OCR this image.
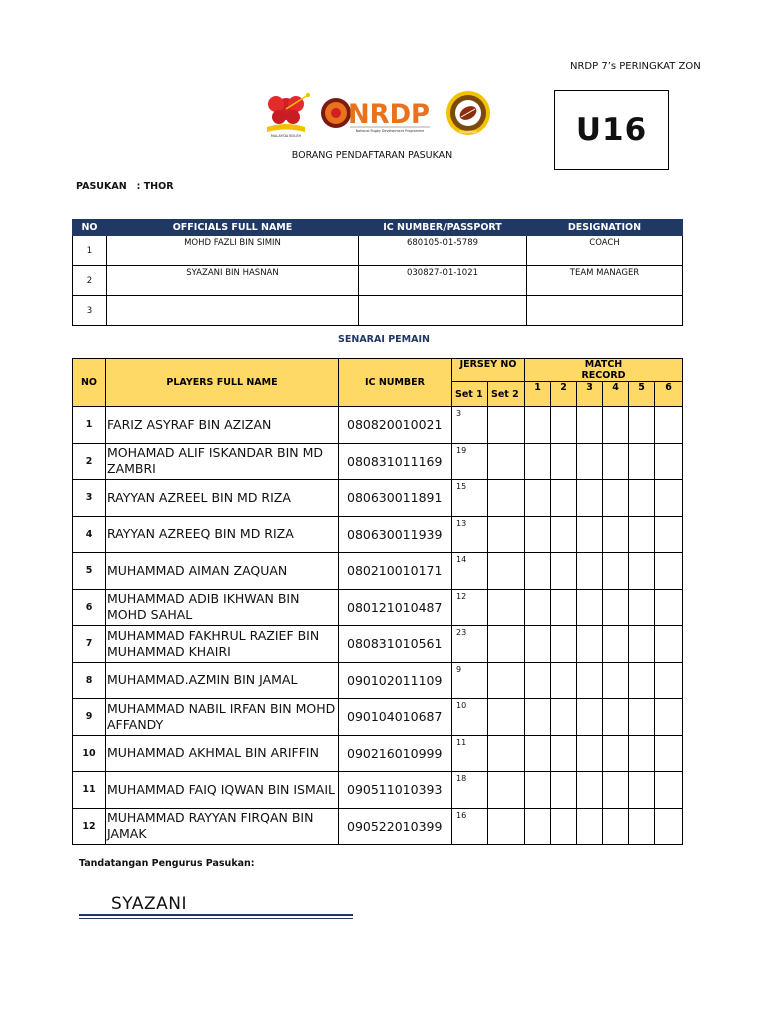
NRDP 7’s PERINGKAT ZON
MALAYSIA BOLEH
NRDP
National Rugby Development Programme	MALAYSIA	U16
BORANG PENDAFTARAN PASUKAN
PASUKAN   : THOR
NO	OFFICIALS FULL NAME	IC NUMBER/PASSPORT	DESIGNATION
1	MOHD FAZLI BIN SIMIN	680105-01-5789	COACH

2	SYAZANI BIN HASNAN	030827-01-1021	TEAM MANAGER

3	

SENARAI PEMAIN
NO	PLAYERS FULL NAME	IC NUMBER	JERSEY NO		MATCH RECORD					
			Set 1	Set 2	1	2	3	4	5	6
1	FARIZ ASYRAF BIN AZIZAN	080820010021	3							
2	MOHAMAD ALIF ISKANDAR BIN MD ZAMBRI	080831011169	19							
3	RAYYAN AZREEL BIN MD RIZA	080630011891	15							
4	RAYYAN AZREEQ BIN MD RIZA	080630011939	13							
5	MUHAMMAD AIMAN ZAQUAN	080210010171	14							
6	MUHAMMAD ADIB IKHWAN BIN MOHD SAHAL	080121010487	12							
7	MUHAMMAD FAKHRUL RAZIEF BIN MUHAMMAD KHAIRI	080831010561	23							
8	MUHAMMAD.AZMIN BIN JAMAL	090102011109	9							
9	MUHAMMAD NABIL IRFAN BIN MOHD AFFANDY	090104010687	10							
10	MUHAMMAD AKHMAL BIN ARIFFIN	090216010999	11							
11	MUHAMMAD FAIQ IQWAN BIN ISMAIL	090511010393	18							
12	MUHAMMAD RAYYAN FIRQAN BIN JAMAK	090522010399	16							
Tandatangan Pengurus Pasukan:
SYAZANI
